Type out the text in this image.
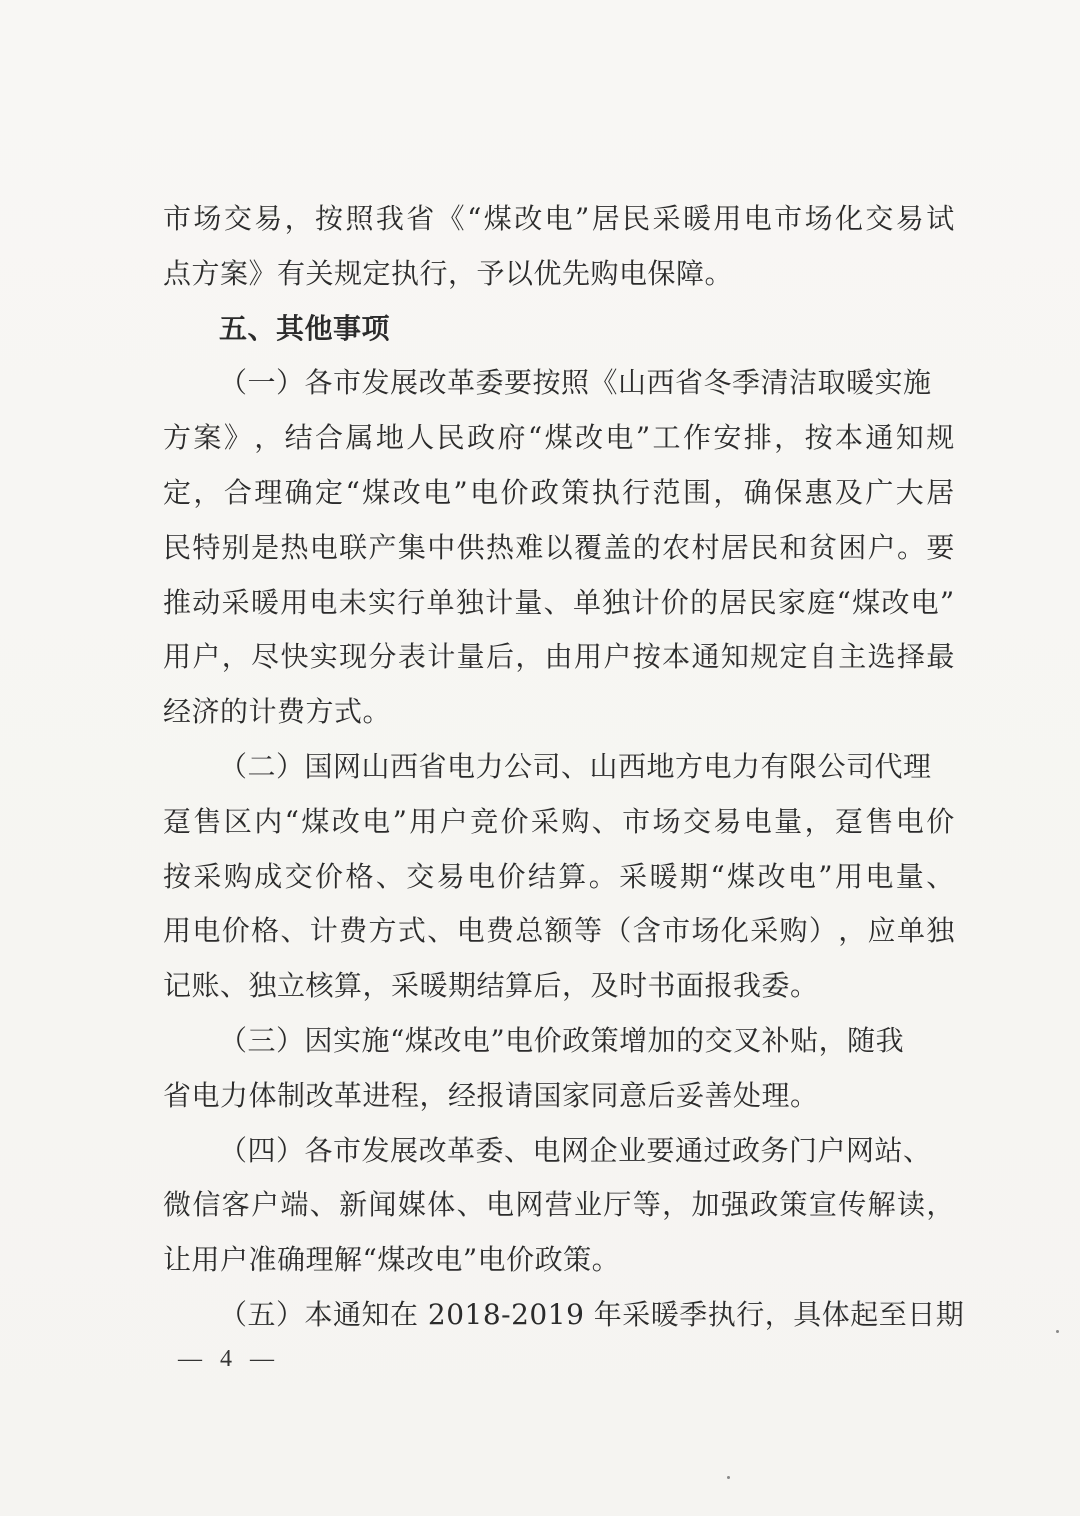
市 场 交 易 ， 按 照 我 省 《 “ 煤 改 电 ” 居 民 采 暖 用 电 市 场 化 交 易 试
点方案》有关规定执行，予以优先购电保障。
五、其他事项
（一）各市发展改革委要按照《山西省冬季清洁取暖实施
方 案 》 ， 结 合 属 地 人 民 政 府 “ 煤 改 电 ” 工 作 安 排 ， 按 本 通 知 规
定 ， 合 理 确 定 “ 煤 改 电 ” 电 价 政 策 执 行 范 围 ， 确 保 惠 及 广 大 居
民 特 别 是 热 电 联 产 集 中 供 热 难 以 覆 盖 的 农 村 居 民 和 贫 困 户 。 要
推 动 采 暖 用 电 未 实 行 单 独 计 量 、 单 独 计 价 的 居 民 家 庭 “ 煤 改 电 ”
用 户 ， 尽 快 实 现 分 表 计 量 后 ， 由 用 户 按 本 通 知 规 定 自 主 选 择 最
经济的计费方式。
（二）国网山西省电力公司、山西地方电力有限公司代理
趸 售 区 内 “ 煤 改 电 ” 用 户 竞 价 采 购 、 市 场 交 易 电 量 ， 趸 售 电 价
按 采 购 成 交 价 格 、 交 易 电 价 结 算 。 采 暖 期 “ 煤 改 电 ” 用 电 量 、
用 电 价 格 、 计 费 方 式 、 电 费 总 额 等 （ 含 市 场 化 采 购 ） ， 应 单 独
记账、独立核算，采暖期结算后，及时书面报我委。
（三）因实施“煤改电”电价政策增加的交叉补贴，随我
省电力体制改革进程，经报请国家同意后妥善处理。
（四）各市发展改革委、电网企业要通过政务门户网站、
微 信 客 户 端 、 新 闻 媒 体 、 电 网 营 业 厅 等 ， 加 强 政 策 宣 传 解 读 ，
让用户准确理解“煤改电”电价政策。
（五）本通知在 2018-2019 年采暖季执行，具体起至日期
— 4 —
